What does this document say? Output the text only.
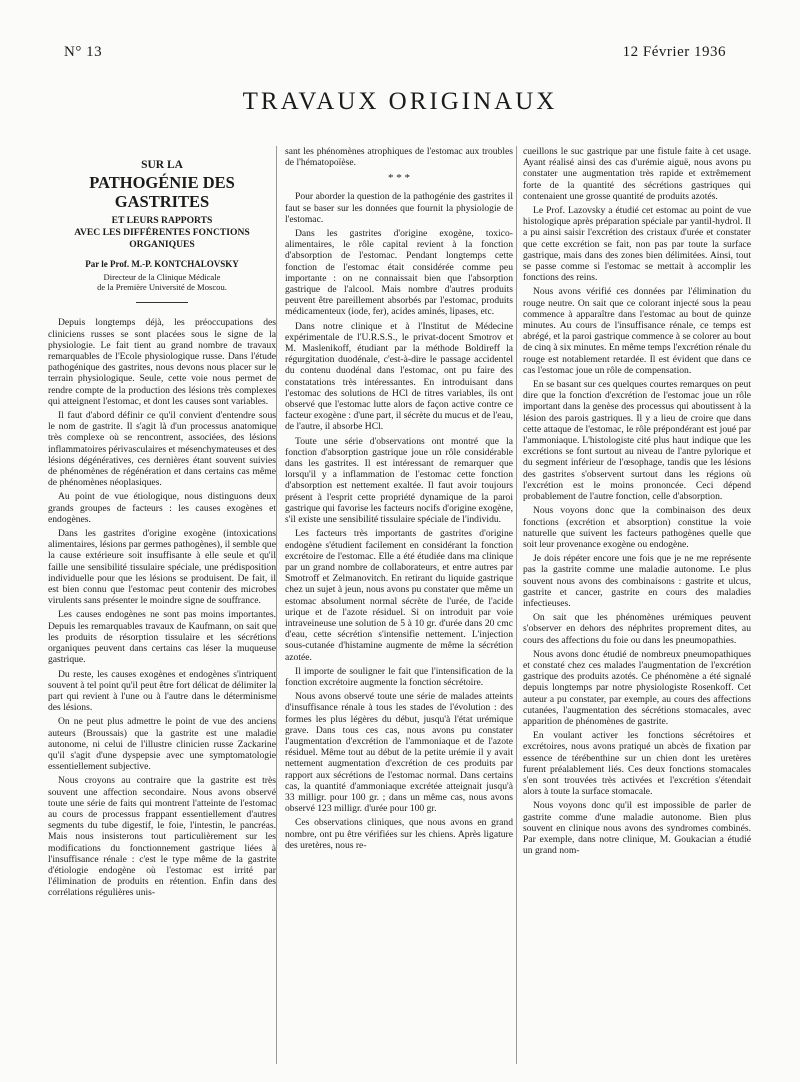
N° 13	12 Février 1936
TRAVAUX ORIGINAUX
SUR LA
PATHOGÉNIE DES GASTRITES
ET LEURS RAPPORTS
AVEC LES DIFFÉRENTES FONCTIONS
ORGANIQUES
Par le Prof. M.-P. KONTCHALOVSKY
Directeur de la Clinique Médicale
de la Première Université de Moscou.

Depuis longtemps déjà, les préoccupations des cliniciens russes se sont placées sous le signe de la physiologie. Le fait tient au grand nombre de travaux remarquables de l'Ecole physiologique russe. Dans l'étude pathogénique des gastrites, nous devons nous placer sur le terrain physiologique. Seule, cette voie nous permet de rendre compte de la production des lésions très complexes qui atteignent l'estomac, et dont les causes sont variables.

Il faut d'abord définir ce qu'il convient d'entendre sous le nom de gastrite. Il s'agit là d'un processus anatomique très complexe où se rencontrent, associées, des lésions inflammatoires périvasculaires et mésenchymateuses et des lésions dégénératives, ces dernières étant souvent suivies de phénomènes de régénération et dans certains cas même de phénomènes néoplasiques.

Au point de vue étiologique, nous distinguons deux grands groupes de facteurs : les causes exogènes et endogènes.

Dans les gastrites d'origine exogène (intoxications alimentaires, lésions par germes pathogènes), il semble que la cause extérieure soit insuffisante à elle seule et qu'il faille une sensibilité tissulaire spéciale, une prédisposition individuelle pour que les lésions se produisent. De fait, il est bien connu que l'estomac peut contenir des microbes virulents sans présenter le moindre signe de souffrance.

Les causes endogènes ne sont pas moins importantes. Depuis les remarquables travaux de Kaufmann, on sait que les produits de résorption tissulaire et les sécrétions organiques peuvent dans certains cas léser la muqueuse gastrique.

Du reste, les causes exogènes et endogènes s'intriquent souvent à tel point qu'il peut être fort délicat de délimiter la part qui revient à l'une ou à l'autre dans le déterminisme des lésions.

On ne peut plus admettre le point de vue des anciens auteurs (Broussais) que la gastrite est une maladie autonome, ni celui de l'illustre clinicien russe Zackarine qu'il s'agit d'une dyspepsie avec une symptomatologie essentiellement subjective.

Nous croyons au contraire que la gastrite est très souvent une affection secondaire. Nous avons observé toute une série de faits qui montrent l'atteinte de l'estomac au cours de processus frappant essentiellement d'autres segments du tube digestif, le foie, l'intestin, le pancréas. Mais nous insisterons tout particulièrement sur les modifications du fonctionnement gastrique liées à l'insuffisance rénale : c'est le type même de la gastrite d'étiologie endogène où l'estomac est irrité par l'élimination de produits en rétention. Enfin dans des corrélations régulières unis-

sant les phénomènes atrophiques de l'estomac aux troubles de l'hématopoïèse.

* * *

Pour aborder la question de la pathogénie des gastrites il faut se baser sur les données que fournit la physiologie de l'estomac.

Dans les gastrites d'origine exogène, toxico-alimentaires, le rôle capital revient à la fonction d'absorption de l'estomac. Pendant longtemps cette fonction de l'estomac était considérée comme peu importante : on ne connaissait bien que l'absorption gastrique de l'alcool. Mais nombre d'autres produits peuvent être pareillement absorbés par l'estomac, produits médicamenteux (iode, fer), acides aminés, lipases, etc.

Dans notre clinique et à l'Institut de Médecine expérimentale de l'U.R.S.S., le privat-docent Smotrov et M. Maslenikoff, étudiant par la méthode Boldireff la régurgitation duodénale, c'est-à-dire le passage accidentel du contenu duodénal dans l'estomac, ont pu faire des constatations très intéressantes. En introduisant dans l'estomac des solutions de HCl de titres variables, ils ont observé que l'estomac lutte alors de façon active contre ce facteur exogène : d'une part, il sécrète du mucus et de l'eau, de l'autre, il absorbe HCl.

Toute une série d'observations ont montré que la fonction d'absorption gastrique joue un rôle considérable dans les gastrites. Il est intéressant de remarquer que lorsqu'il y a inflammation de l'estomac cette fonction d'absorption est nettement exaltée. Il faut avoir toujours présent à l'esprit cette propriété dynamique de la paroi gastrique qui favorise les facteurs nocifs d'origine exogène, s'il existe une sensibilité tissulaire spéciale de l'individu.

Les facteurs très importants de gastrites d'origine endogène s'étudient facilement en considérant la fonction excrétoire de l'estomac. Elle a été étudiée dans ma clinique par un grand nombre de collaborateurs, et entre autres par Smotroff et Zelmanovitch. En retirant du liquide gastrique chez un sujet à jeun, nous avons pu constater que même un estomac absolument normal sécrète de l'urée, de l'acide urique et de l'azote résiduel. Si on introduit par voie intraveineuse une solution de 5 à 10 gr. d'urée dans 20 cmc d'eau, cette sécrétion s'intensifie nettement. L'injection sous-cutanée d'histamine augmente de même la sécrétion azotée.

Il importe de souligner le fait que l'intensification de la fonction excrétoire augmente la fonction sécrétoire.

Nous avons observé toute une série de malades atteints d'insuffisance rénale à tous les stades de l'évolution : des formes les plus légères du début, jusqu'à l'état urémique grave. Dans tous ces cas, nous avons pu constater l'augmentation d'excrétion de l'ammoniaque et de l'azote résiduel. Même tout au début de la petite urémie il y avait nettement augmentation d'excrétion de ces produits par rapport aux sécrétions de l'estomac normal. Dans certains cas, la quantité d'ammoniaque excrétée atteignait jusqu'à 33 milligr. pour 100 gr. ; dans un même cas, nous avons observé 123 milligr. d'urée pour 100 gr.

Ces observations cliniques, que nous avons en grand nombre, ont pu être vérifiées sur les chiens. Après ligature des uretères, nous re-

cueillons le suc gastrique par une fistule faite à cet usage. Ayant réalisé ainsi des cas d'urémie aiguë, nous avons pu constater une augmentation très rapide et extrêmement forte de la quantité des sécrétions gastriques qui contenaient une grosse quantité de produits azotés.

Le Prof. Lazovsky a étudié cet estomac au point de vue histologique après préparation spéciale par yantil-hydrol. Il a pu ainsi saisir l'excrétion des cristaux d'urée et constater que cette excrétion se fait, non pas par toute la surface gastrique, mais dans des zones bien délimitées. Ainsi, tout se passe comme si l'estomac se mettait à accomplir les fonctions des reins.

Nous avons vérifié ces données par l'élimination du rouge neutre. On sait que ce colorant injecté sous la peau commence à apparaître dans l'estomac au bout de quinze minutes. Au cours de l'insuffisance rénale, ce temps est abrégé, et la paroi gastrique commence à se colorer au bout de cinq à six minutes. En même temps l'excrétion rénale du rouge est notablement retardée. Il est évident que dans ce cas l'estomac joue un rôle de compensation.

En se basant sur ces quelques courtes remarques on peut dire que la fonction d'excrétion de l'estomac joue un rôle important dans la genèse des processus qui aboutissent à la lésion des parois gastriques. Il y a lieu de croire que dans cette attaque de l'estomac, le rôle prépondérant est joué par l'ammoniaque. L'histologiste cité plus haut indique que les excrétions se font surtout au niveau de l'antre pylorique et du segment inférieur de l'œsophage, tandis que les lésions des gastrites s'observent surtout dans les régions où l'excrétion est le moins prononcée. Ceci dépend probablement de l'autre fonction, celle d'absorption.

Nous voyons donc que la combinaison des deux fonctions (excrétion et absorption) constitue la voie naturelle que suivent les facteurs pathogènes quelle que soit leur provenance exogène ou endogène.

Je dois répéter encore une fois que je ne me représente pas la gastrite comme une maladie autonome. Le plus souvent nous avons des combinaisons : gastrite et ulcus, gastrite et cancer, gastrite en cours des maladies infectieuses.

On sait que les phénomènes urémiques peuvent s'observer en dehors des néphrites proprement dites, au cours des affections du foie ou dans les pneumopathies.

Nous avons donc étudié de nombreux pneumopathiques et constaté chez ces malades l'augmentation de l'excrétion gastrique des produits azotés. Ce phénomène a été signalé depuis longtemps par notre physiologiste Rosenkoff. Cet auteur a pu constater, par exemple, au cours des affections cutanées, l'augmentation des sécrétions stomacales, avec apparition de phénomènes de gastrite.

En voulant activer les fonctions sécrétoires et excrétoires, nous avons pratiqué un abcès de fixation par essence de térébenthine sur un chien dont les uretères furent préalablement liés. Ces deux fonctions stomacales s'en sont trouvées très activées et l'excrétion s'étendait alors à toute la surface stomacale.

Nous voyons donc qu'il est impossible de parler de gastrite comme d'une maladie autonome. Bien plus souvent en clinique nous avons des syndromes combinés. Par exemple, dans notre clinique, M. Goukacian a étudié un grand nom-
